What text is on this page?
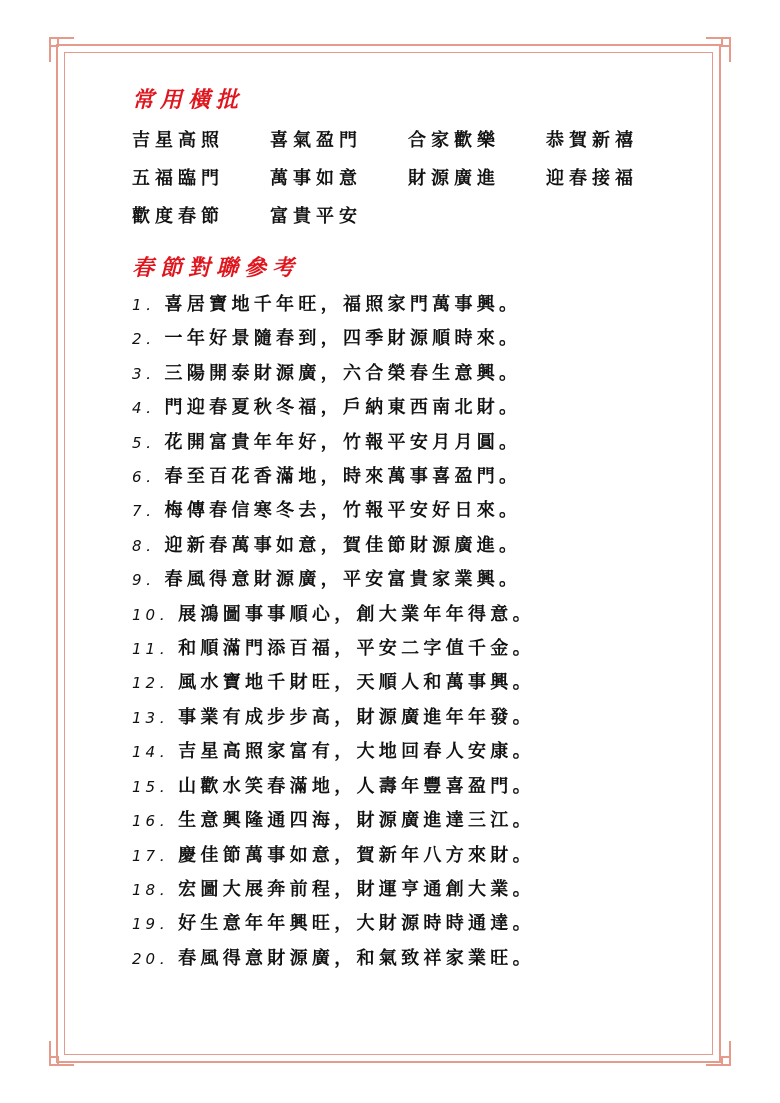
常用橫批
吉星高照	喜氣盈門	合家歡樂	恭賀新禧
五福臨門	萬事如意	財源廣進	迎春接福
歡度春節	富貴平安
春節對聯參考
1．喜居寶地千年旺，福照家門萬事興。
2．一年好景隨春到，四季財源順時來。
3．三陽開泰財源廣，六合榮春生意興。
4．門迎春夏秋冬福，戶納東西南北財。
5．花開富貴年年好，竹報平安月月圓。
6．春至百花香滿地，時來萬事喜盈門。
7．梅傳春信寒冬去，竹報平安好日來。
8．迎新春萬事如意，賀佳節財源廣進。
9．春風得意財源廣，平安富貴家業興。
10．展鴻圖事事順心，創大業年年得意。
11．和順滿門添百福，平安二字值千金。
12．風水寶地千財旺，天順人和萬事興。
13．事業有成步步高，財源廣進年年發。
14．吉星高照家富有，大地回春人安康。
15．山歡水笑春滿地，人壽年豐喜盈門。
16．生意興隆通四海，財源廣進達三江。
17．慶佳節萬事如意，賀新年八方來財。
18．宏圖大展奔前程，財運亨通創大業。
19．好生意年年興旺，大財源時時通達。
20．春風得意財源廣，和氣致祥家業旺。
